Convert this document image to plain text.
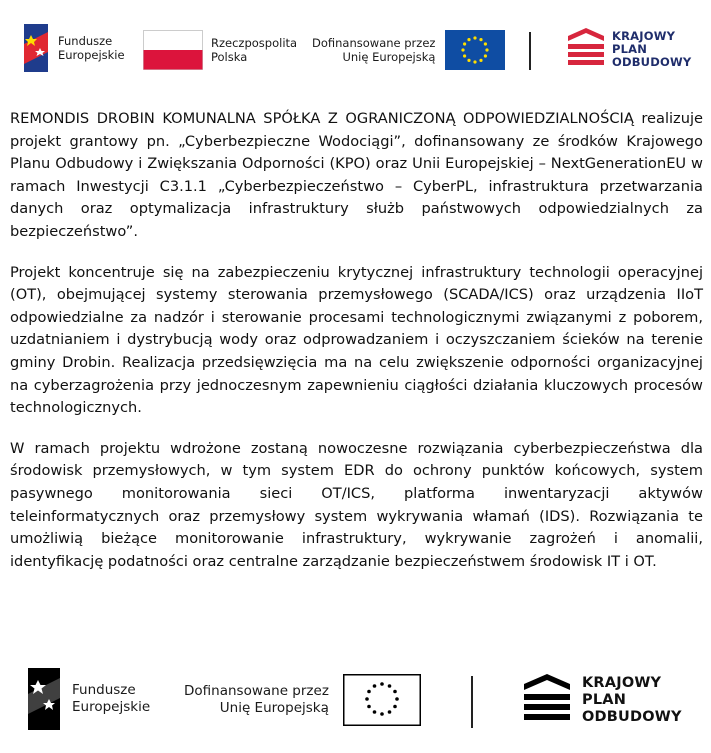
Fundusze
Europejskie
Rzeczpospolita
Polska
Dofinansowane przez
Unię Europejską
KRAJOWY
PLAN
ODBUDOWY

REMONDIS DROBIN KOMUNALNA SPÓŁKA Z OGRANICZONĄ ODPOWIEDZIALNOŚCIĄ realizuje projekt grantowy pn. „Cyberbezpieczne Wodociągi”, dofinansowany ze środków Krajowego Planu Odbudowy i Zwiększania Odporności (KPO) oraz Unii Europejskiej – NextGenerationEU w ramach Inwestycji C3.1.1 „Cyberbezpieczeństwo – CyberPL, infrastruktura przetwarzania danych oraz optymalizacja infrastruktury służb państwowych odpowiedzialnych za bezpieczeństwo”.

Projekt koncentruje się na zabezpieczeniu krytycznej infrastruktury technologii operacyjnej (OT), obejmującej systemy sterowania przemysłowego (SCADA/ICS) oraz urządzenia IIoT odpowiedzialne za nadzór i sterowanie procesami technologicznymi związanymi z poborem, uzdatnianiem i dystrybucją wody oraz odprowadzaniem i oczyszczaniem ścieków na terenie gminy Drobin. Realizacja przedsięwzięcia ma na celu zwiększenie odporności organizacyjnej na cyberzagrożenia przy jednoczesnym zapewnieniu ciągłości działania kluczowych procesów technologicznych.

W ramach projektu wdrożone zostaną nowoczesne rozwiązania cyberbezpieczeństwa dla środowisk przemysłowych, w tym system EDR do ochrony punktów końcowych, system pasywnego monitorowania sieci OT/ICS, platforma inwentaryzacji aktywów teleinformatycznych oraz przemysłowy system wykrywania włamań (IDS). Rozwiązania te umożliwią bieżące monitorowanie infrastruktury, wykrywanie zagrożeń i anomalii, identyfikację podatności oraz centralne zarządzanie bezpieczeństwem środowisk IT i OT.

Fundusze
Europejskie
Dofinansowane przez
Unię Europejską
KRAJOWY
PLAN
ODBUDOWY
